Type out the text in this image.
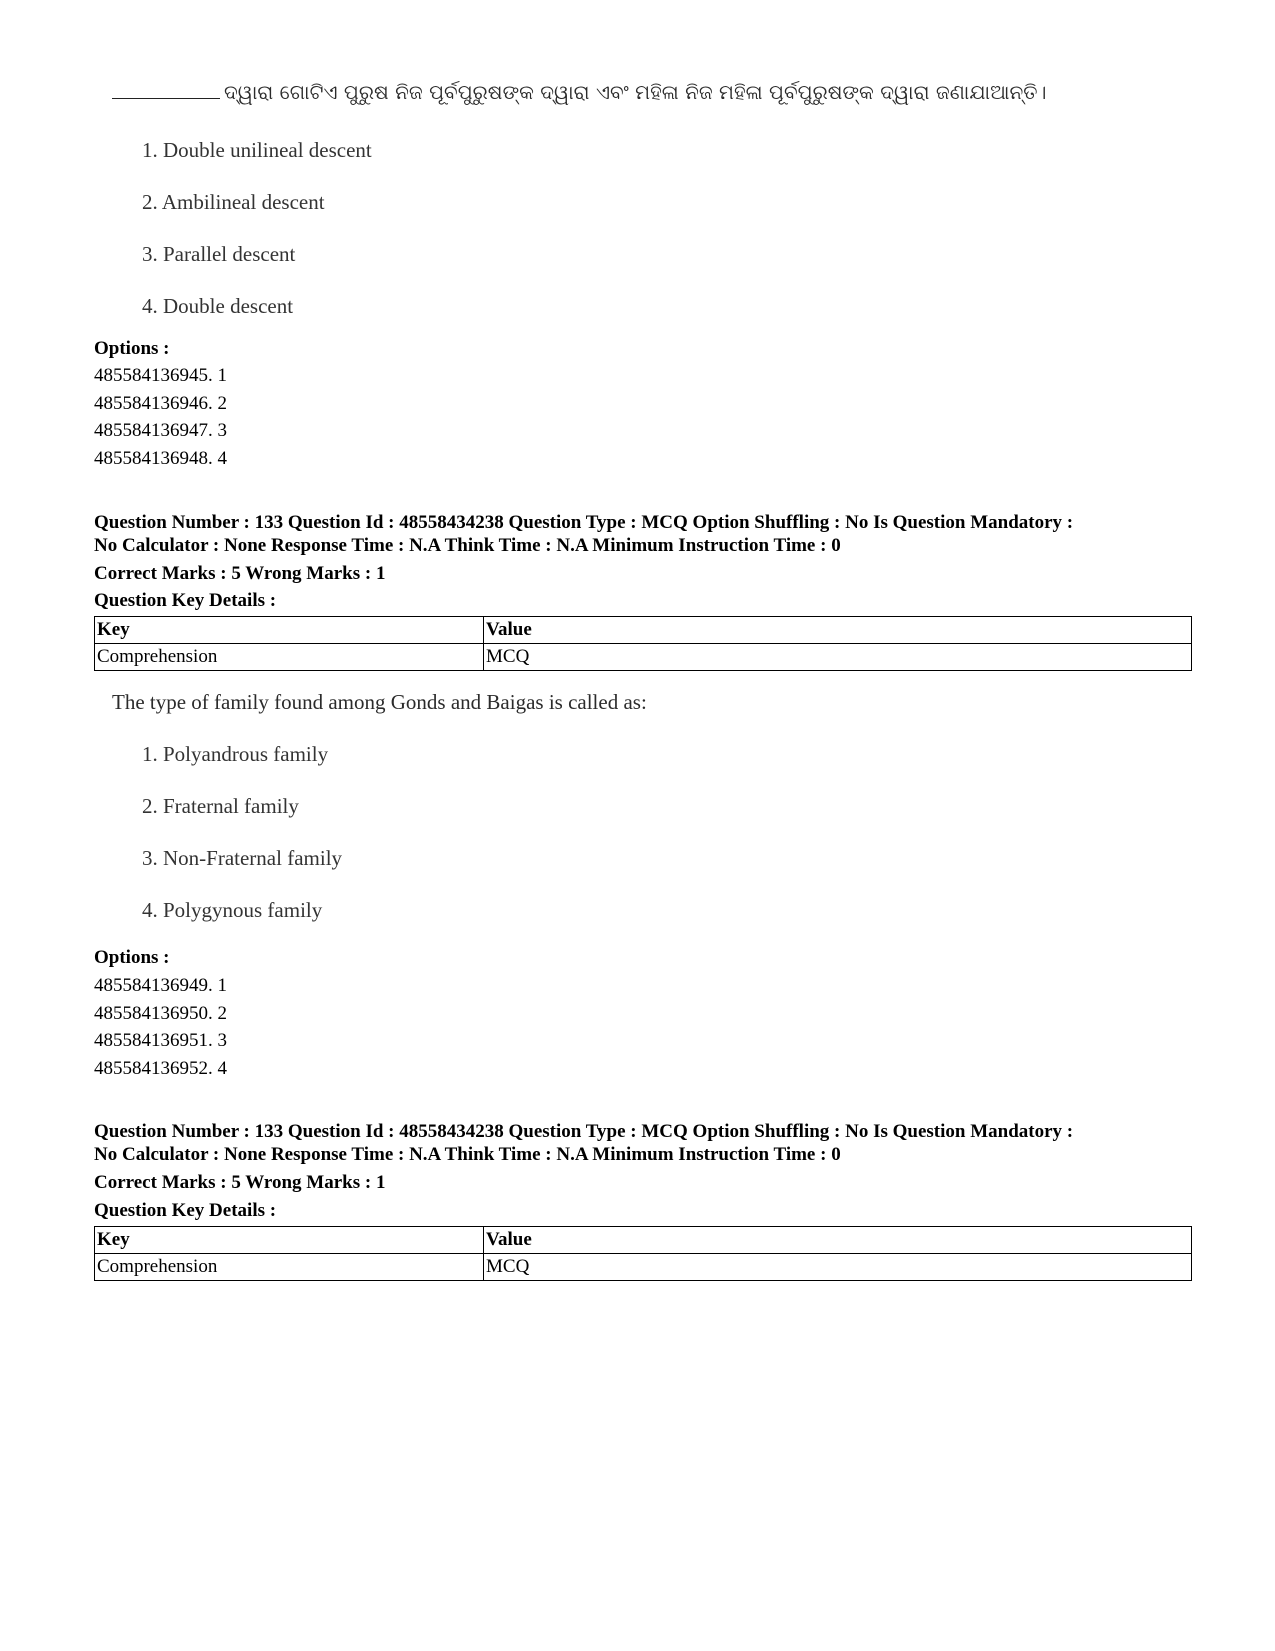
ଦ୍ୱାରା ଗୋଟିଏ ପୁରୁଷ ନିଜ ପୂର୍ବପୁରୁଷଙ୍କ ଦ୍ୱାରା ଏବଂ ମହିଳା ନିଜ ମହିଳା ପୂର୍ବପୁରୁଷଙ୍କ ଦ୍ୱାରା ଜଣାଯାଆନ୍ତି।
1. Double unilineal descent
2. Ambilineal descent
3. Parallel descent
4. Double descent
Options :
485584136945. 1
485584136946. 2
485584136947. 3
485584136948. 4
Question Number : 133 Question Id : 48558434238 Question Type : MCQ Option Shuffling : No Is Question Mandatory :
No Calculator : None Response Time : N.A Think Time : N.A Minimum Instruction Time : 0
Correct Marks : 5 Wrong Marks : 1
Question Key Details :
Key	Value
Comprehension	MCQ
The type of family found among Gonds and Baigas is called as:
1. Polyandrous family
2. Fraternal family
3. Non-Fraternal family
4. Polygynous family
Options :
485584136949. 1
485584136950. 2
485584136951. 3
485584136952. 4
Question Number : 133 Question Id : 48558434238 Question Type : MCQ Option Shuffling : No Is Question Mandatory :
No Calculator : None Response Time : N.A Think Time : N.A Minimum Instruction Time : 0
Correct Marks : 5 Wrong Marks : 1
Question Key Details :
Key	Value
Comprehension	MCQ
